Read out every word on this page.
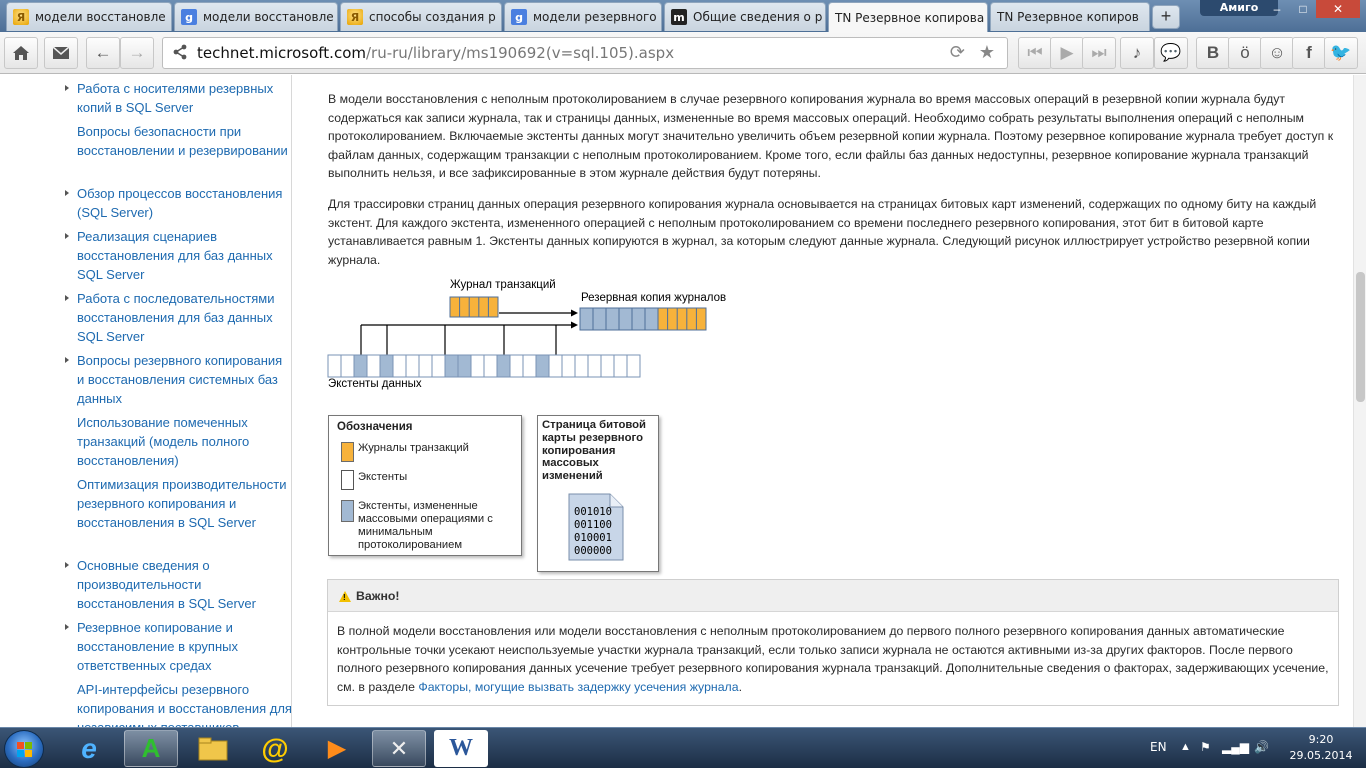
Я модели восстановле	g модели восстановле	Я способы создания р	g модели резервного m Общие сведения о р TN Резервное копирова TN Резервное копиров	+	Амиго	–	□	✕
← →	technet.microsoft.com /ru-ru/library/ms190692(v=sql.105).aspx	⟳ ★ ⏮ ▶ ⏭ ♪ 💬 B ӧ ☺ f 🐦
Работа с носителями резервных копий в SQL Server
Вопросы безопасности при восстановлении и резервировании
Обзор процессов восстановления (SQL Server)
Реализация сценариев восстановления для баз данных SQL Server
Работа с последовательностями восстановления для баз данных SQL Server
Вопросы резервного копирования и восстановления системных баз данных
Использование помеченных транзакций (модель полного восстановления)
Оптимизация производительности резервного копирования и восстановления в SQL Server
Основные сведения о производительности восстановления в SQL Server
Резервное копирование и восстановление в крупных ответственных средах
API-интерфейсы резервного копирования и восстановления для

В модели восстановления с неполным протоколированием в случае резервного копирования журнала во время массовых операций в резервной копии журнала будут содержаться как записи журнала, так и страницы данных, измененные во время массовых операций. Необходимо собрать результаты выполнения операций с неполным протоколированием. Включаемые экстенты данных могут значительно увеличить объем резервной копии журнала. Поэтому резервное копирование журнала требует доступ к файлам данных, содержащим транзакции с неполным протоколированием. Кроме того, если файлы баз данных недоступны, резервное копирование журнала транзакций выполнить нельзя, и все зафиксированные в этом журнале действия будут потеряны.

Для трассировки страниц данных операция резервного копирования журнала основывается на страницах битовых карт изменений, содержащих по одному биту на каждый экстент. Для каждого экстента, измененного операцией с неполным протоколированием со времени последнего резервного копирования, этот бит в битовой карте устанавливается равным 1. Экстенты данных копируются в журнал, за которым следуют данные журнала. Следующий рисунок иллюстрирует устройство резервной копии журнала.

Журнал транзакций
Резервная копия журналов
Экстенты данных
Обозначения
Журналы транзакций
Экстенты
Экстенты, измененные массовыми операциями с минимальным протоколированием
Страница битовой карты резервного копирования массовых изменений
001010
001100
010001
000000
! Важно!
В полной модели восстановления или модели восстановления с неполным протоколированием до первого полного резервного копирования данных автоматические контрольные точки усекают неиспользуемые участки журнала транзакций, если только записи журнала не остаются активными из-за других факторов. После первого полного резервного копирования данных усечение требует резервного копирования журнала транзакций. Дополнительные сведения о факторах, задерживающих усечение, см. в разделе Факторы, могущие вызвать задержку усечения журнала.
e	A	@	▶	✕	W	EN ▲ ⚑ ▂▄▆ 🔊
9:20
29.05.2014
